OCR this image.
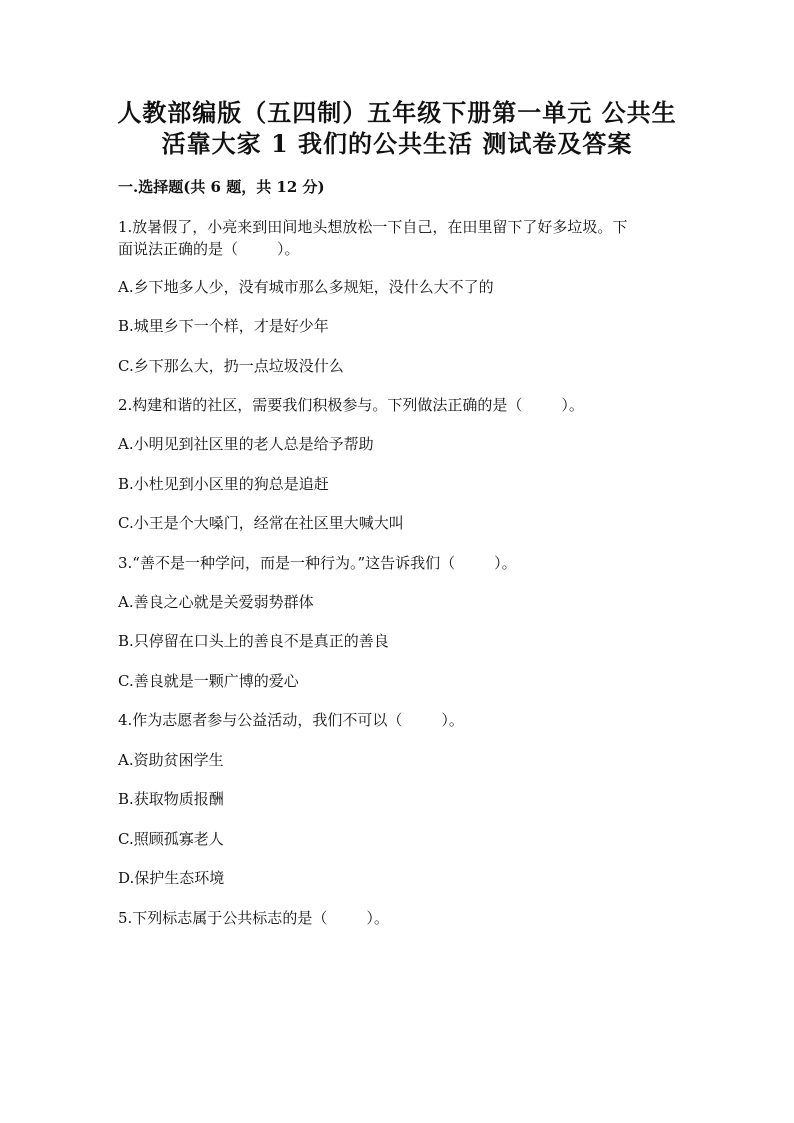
人教部编版（五四制）五年级下册第一单元 公共生
活靠大家 1 我们的公共生活 测试卷及答案
一.选择题(共 6 题，共 12 分)
1.放暑假了，小亮来到田间地头想放松一下自己，在田里留下了好多垃圾。下
面说法正确的是（	）。
A.乡下地多人少，没有城市那么多规矩，没什么大不了的
B.城里乡下一个样，才是好少年
C.乡下那么大，扔一点垃圾没什么
2.构建和谐的社区，需要我们积极参与。下列做法正确的是（	）。
A.小明见到社区里的老人总是给予帮助
B.小杜见到小区里的狗总是追赶
C.小王是个大嗓门，经常在社区里大喊大叫
3.“善不是一种学问，而是一种行为。”这告诉我们（	）。
A.善良之心就是关爱弱势群体
B.只停留在口头上的善良不是真正的善良
C.善良就是一颗广博的爱心
4.作为志愿者参与公益活动，我们不可以（	）。
A.资助贫困学生
B.获取物质报酬
C.照顾孤寡老人
D.保护生态环境
5.下列标志属于公共标志的是（	）。
